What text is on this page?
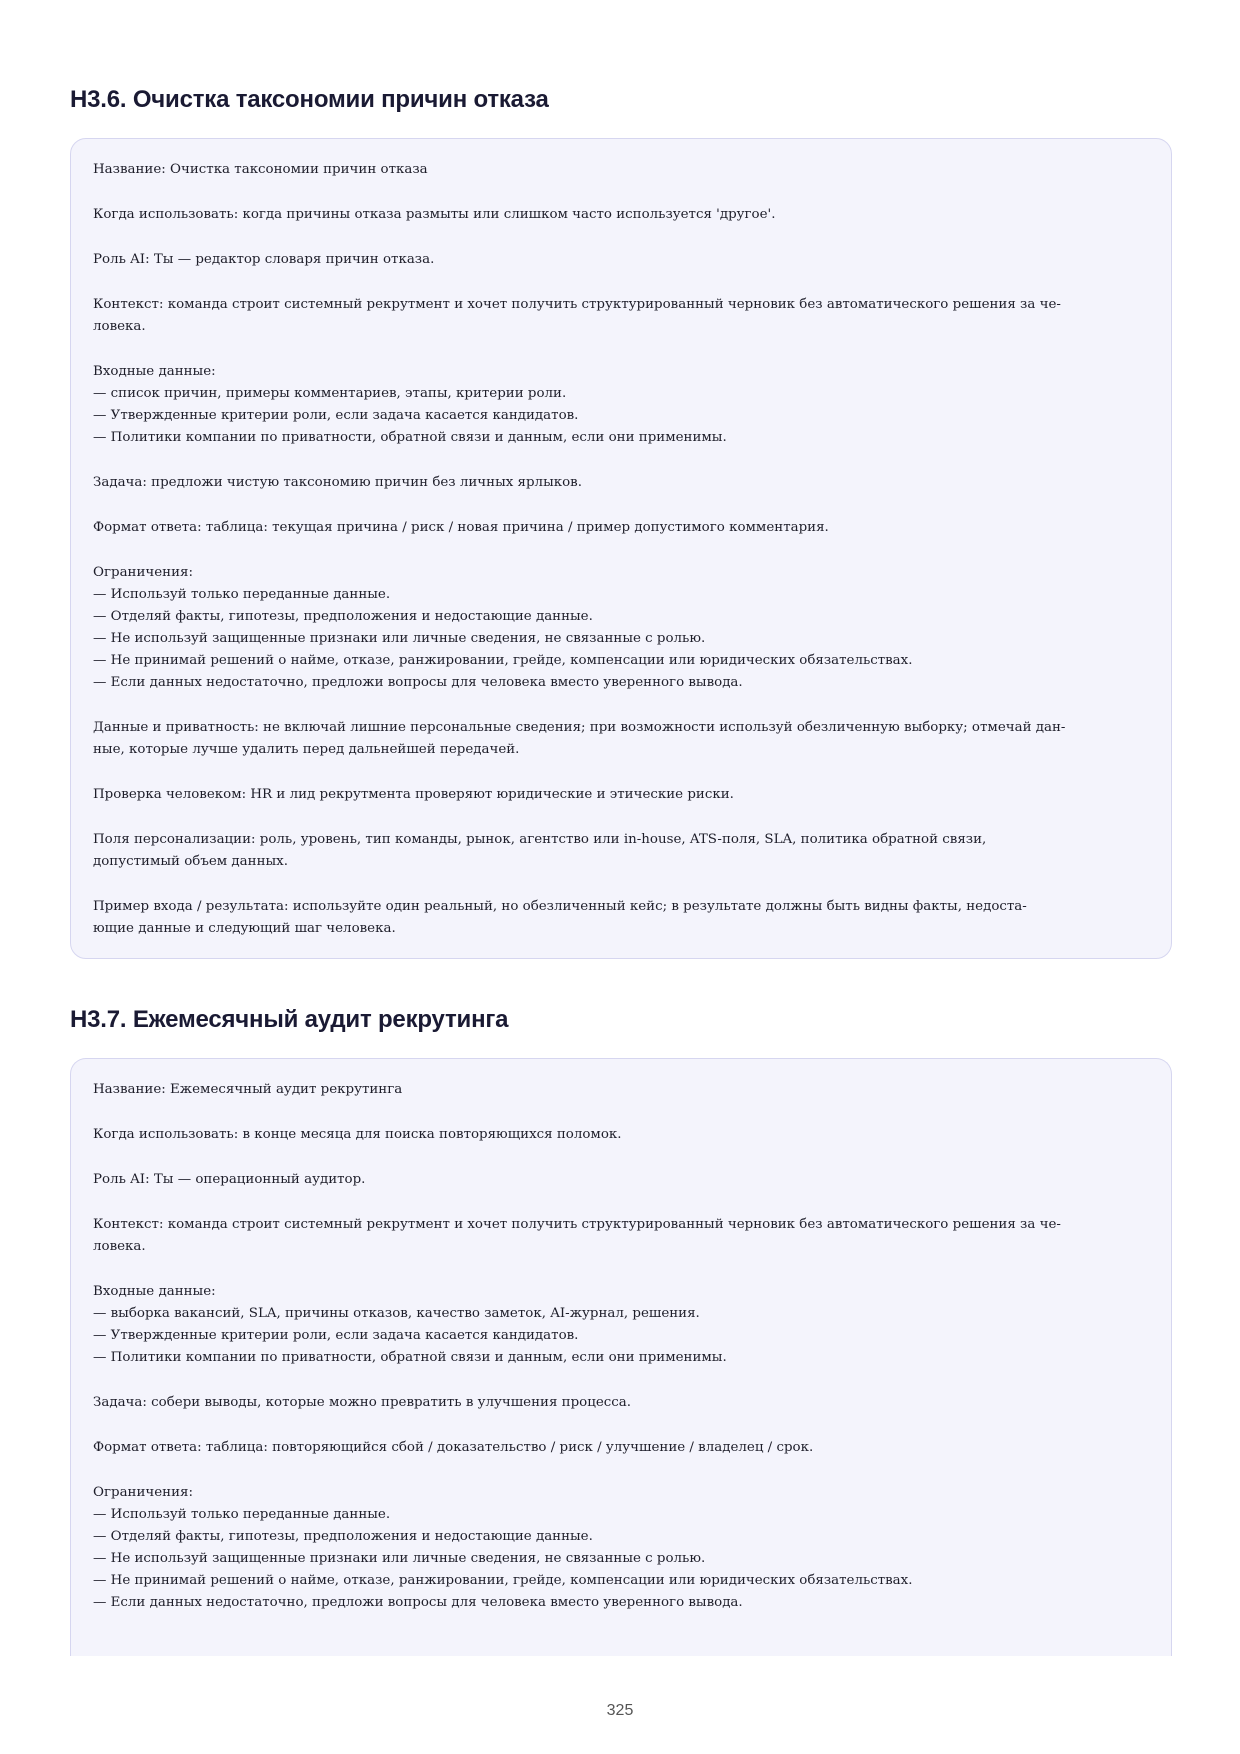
H3.6. Очистка таксономии причин отказа
Название: Очистка таксономии причин отказа
Когда использовать: когда причины отказа размыты или слишком часто используется 'другое'.
Роль AI: Ты — редактор словаря причин отказа.
Контекст: команда строит системный рекрутмент и хочет получить структурированный черновик без автоматического решения за че-
ловека.
Входные данные:
— список причин, примеры комментариев, этапы, критерии роли.
— Утвержденные критерии роли, если задача касается кандидатов.
— Политики компании по приватности, обратной связи и данным, если они применимы.
Задача: предложи чистую таксономию причин без личных ярлыков.
Формат ответа: таблица: текущая причина / риск / новая причина / пример допустимого комментария.
Ограничения:
— Используй только переданные данные.
— Отделяй факты, гипотезы, предположения и недостающие данные.
— Не используй защищенные признаки или личные сведения, не связанные с ролью.
— Не принимай решений о найме, отказе, ранжировании, грейде, компенсации или юридических обязательствах.
— Если данных недостаточно, предложи вопросы для человека вместо уверенного вывода.
Данные и приватность: не включай лишние персональные сведения; при возможности используй обезличенную выборку; отмечай дан-
ные, которые лучше удалить перед дальнейшей передачей.
Проверка человеком: HR и лид рекрутмента проверяют юридические и этические риски.
Поля персонализации: роль, уровень, тип команды, рынок, агентство или in-house, ATS-поля, SLA, политика обратной связи,
допустимый объем данных.
Пример входа / результата: используйте один реальный, но обезличенный кейс; в результате должны быть видны факты, недоста-
ющие данные и следующий шаг человека.
H3.7. Ежемесячный аудит рекрутинга
Название: Ежемесячный аудит рекрутинга
Когда использовать: в конце месяца для поиска повторяющихся поломок.
Роль AI: Ты — операционный аудитор.
Контекст: команда строит системный рекрутмент и хочет получить структурированный черновик без автоматического решения за че-
ловека.
Входные данные:
— выборка вакансий, SLA, причины отказов, качество заметок, AI-журнал, решения.
— Утвержденные критерии роли, если задача касается кандидатов.
— Политики компании по приватности, обратной связи и данным, если они применимы.
Задача: собери выводы, которые можно превратить в улучшения процесса.
Формат ответа: таблица: повторяющийся сбой / доказательство / риск / улучшение / владелец / срок.
Ограничения:
— Используй только переданные данные.
— Отделяй факты, гипотезы, предположения и недостающие данные.
— Не используй защищенные признаки или личные сведения, не связанные с ролью.
— Не принимай решений о найме, отказе, ранжировании, грейде, компенсации или юридических обязательствах.
— Если данных недостаточно, предложи вопросы для человека вместо уверенного вывода.
325
